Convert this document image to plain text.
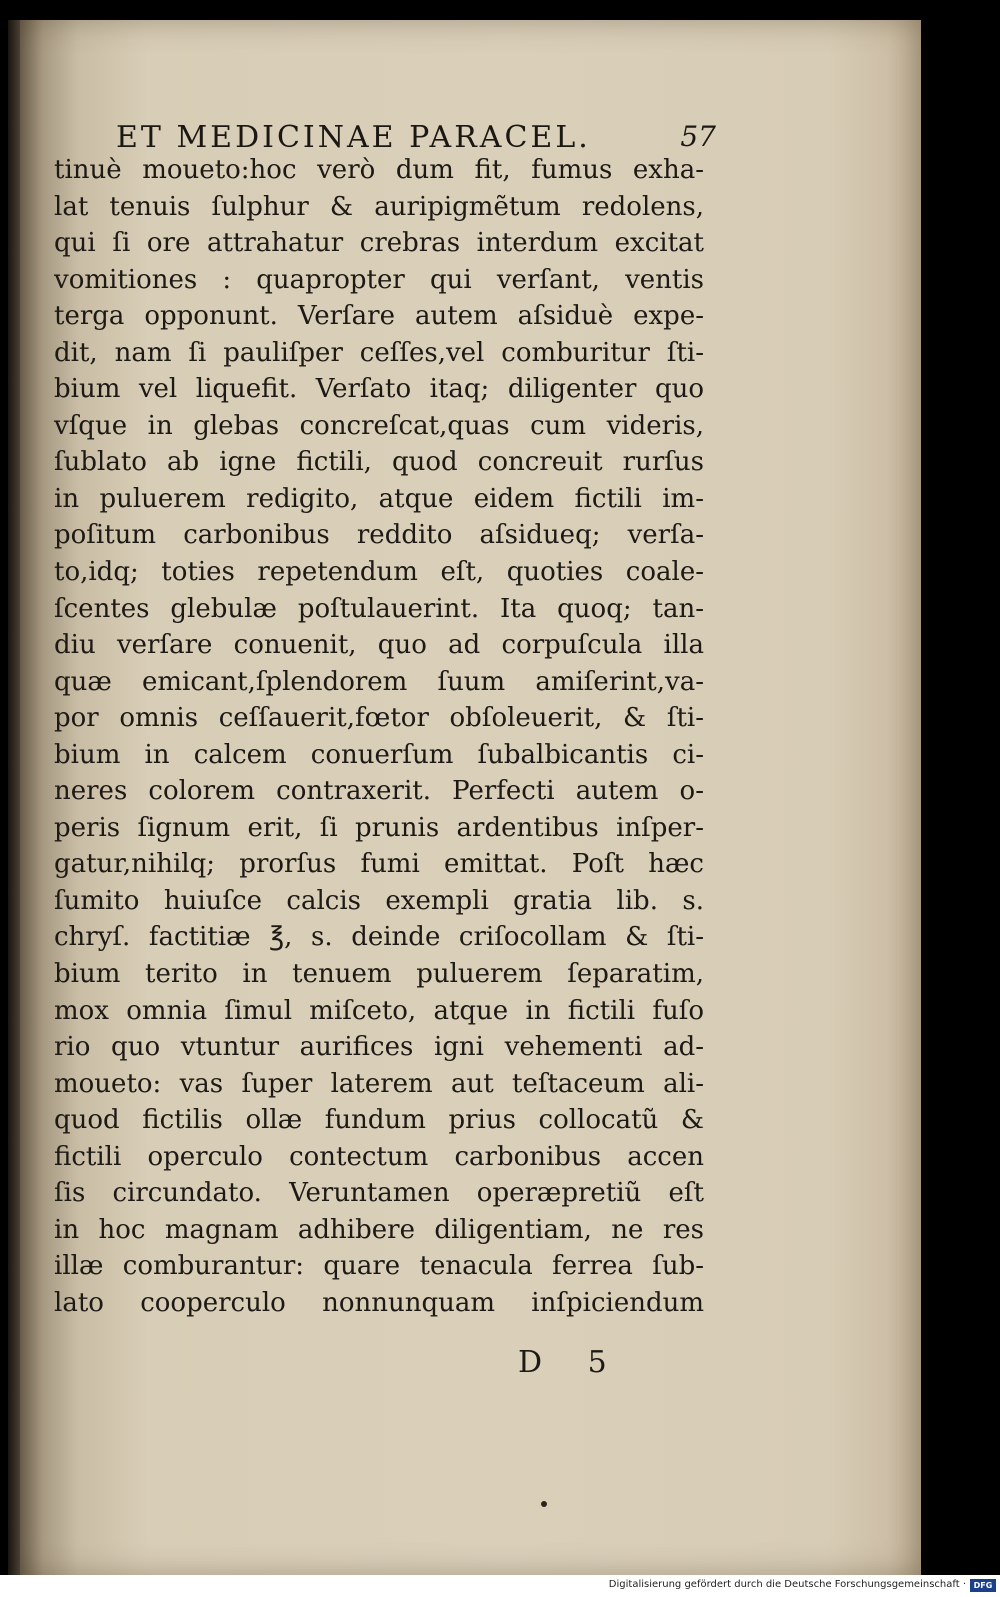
ET MEDICINAE PARACEL.	57
tinuè moueto:hoc verò dum fit, fumus exha-
lat tenuis ſulphur & auripigmẽtum redolens,
qui ſi ore attrahatur crebras interdum excitat
vomitiones : quapropter qui verſant, ventis
terga opponunt. Verſare autem aſsiduè expe-
dit, nam ſi pauliſper ceſſes,vel comburitur ſti-
bium vel liquefit. Verſato itaq; diligenter quo
vſque in glebas concreſcat,quas cum videris,
ſublato ab igne fictili, quod concreuit rurſus
in puluerem redigito, atque eidem fictili im-
poſitum carbonibus reddito aſsidueq; verſa-
to,idq; toties repetendum eſt, quoties coale-
ſcentes glebulæ poſtulauerint. Ita quoq; tan-
diu verſare conuenit, quo ad corpuſcula illa
quæ emicant,ſplendorem ſuum amiſerint,va-
por omnis ceſſauerit,fœtor obſoleuerit, & ſti-
bium in calcem conuerſum ſubalbicantis ci-
neres colorem contraxerit. Perfecti autem o-
peris ſignum erit, ſi prunis ardentibus inſper-
gatur,nihilq; prorſus fumi emittat. Poſt hæc
ſumito huiuſce calcis exempli gratia lib. s.
chryſ. factitiæ ℥, s. deinde criſocollam & ſti-
bium terito in tenuem puluerem ſeparatim,
mox omnia ſimul miſceto, atque in fictili fuſo
rio quo vtuntur aurifices igni vehementi ad-
moueto: vas ſuper laterem aut teſtaceum ali-
quod fictilis ollæ fundum prius collocatũ &
fictili operculo contectum carbonibus accen
ſis circundato. Veruntamen operæpretiũ eſt
in hoc magnam adhibere diligentiam, ne res
illæ comburantur: quare tenacula ferrea ſub-
lato cooperculo nonnunquam inſpiciendum
D 5
Digitalisierung gefördert durch die Deutsche Forschungsgemeinschaft · DFG
